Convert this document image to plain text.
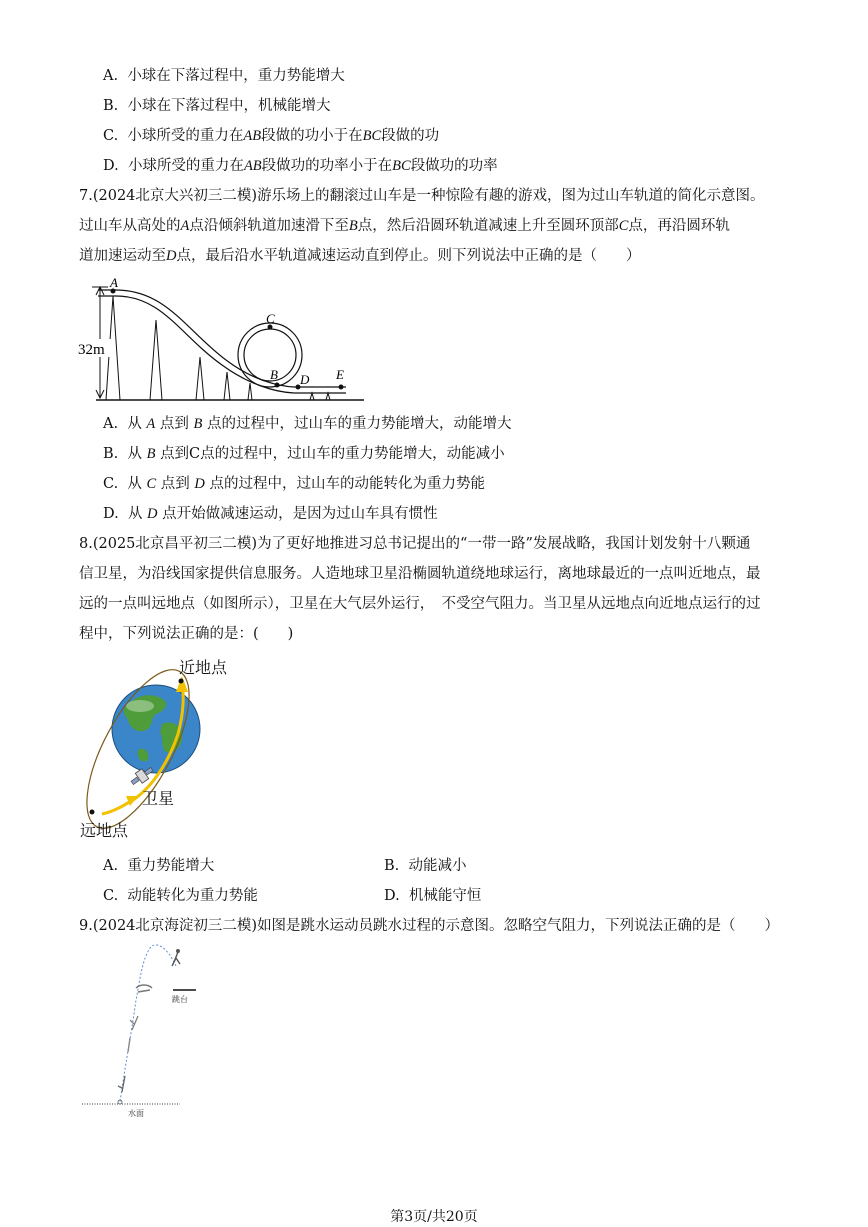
A. 小球在下落过程中，重力势能增大
B. 小球在下落过程中，机械能增大
C. 小球所受的重力在AB段做的功小于在BC段做的功
D. 小球所受的重力在AB段做功的功率小于在BC段做功的功率
7.(2024北京大兴初三二模)游乐场上的翻滚过山车是一种惊险有趣的游戏，图为过山车轨道的简化示意图。
过山车从高处的A点沿倾斜轨道加速滑下至B点，然后沿圆环轨道减速上升至圆环顶部C点，再沿圆环轨
道加速运动至D点，最后沿水平轨道减速运动直到停止。则下列说法中正确的是（　　）
32m
A
C
B D E
A. 从 A 点到 B 点的过程中，过山车的重力势能增大，动能增大
B. 从 B 点到C点的过程中，过山车的重力势能增大，动能减小
C. 从 C 点到 D 点的过程中，过山车的动能转化为重力势能
D. 从 D 点开始做减速运动，是因为过山车具有惯性
8.(2025北京昌平初三二模)为了更好地推进习总书记提出的“一带一路”发展战略，我国计划发射十八颗通
信卫星，为沿线国家提供信息服务。人造地球卫星沿椭圆轨道绕地球运行，离地球最近的一点叫近地点，最
远的一点叫远地点（如图所示），卫星在大气层外运行，　不受空气阻力。当卫星从远地点向近地点运行的过
程中，下列说法正确的是：(　　)
近地点
卫星
远地点
A. 重力势能增大	B. 动能减小
C. 动能转化为重力势能	D. 机械能守恒
9.(2024北京海淀初三二模)如图是跳水运动员跳水过程的示意图。忽略空气阻力，下列说法正确的是（　　）
跳台
水面
第3页/共20页
